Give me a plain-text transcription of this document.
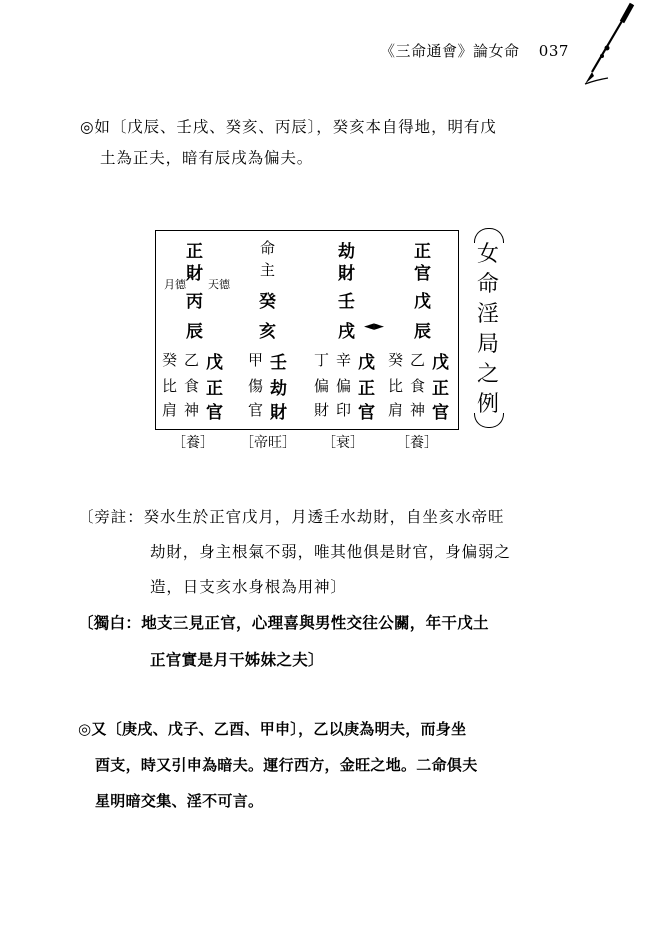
《三命通會》論女命 037
◎如〔戊辰、壬戌、癸亥、丙辰〕，癸亥本自得地，明有戊
土為正夫，暗有辰戌為偏夫。
正
財
月德 天德
丙
辰
命
主
癸
亥
劫
財
壬
戌 ◄►
正
官
戊
辰
癸 乙 戊 甲 壬 丁 辛 戊 癸 乙 戊
比 食 正 傷 劫 偏 偏 正 比 食 正
肩 神 官 官 財 財 印 官 肩 神 官
［養］ ［帝旺］ ［衰］ ［養］
女命淫局之例
〔旁註：癸水生於正官戊月，月透壬水劫財，自坐亥水帝旺
劫財，身主根氣不弱，唯其他俱是財官，身偏弱之
造，日支亥水身根為用神〕
〔獨白：地支三見正官，心理喜與男性交往公關，年干戊土
正官實是月干姊妹之夫〕
◎又〔庚戌、戊子、乙酉、甲申〕，乙以庚為明夫，而身坐
酉支，時又引申為暗夫。運行西方，金旺之地。二命俱夫
星明暗交集、淫不可言。
